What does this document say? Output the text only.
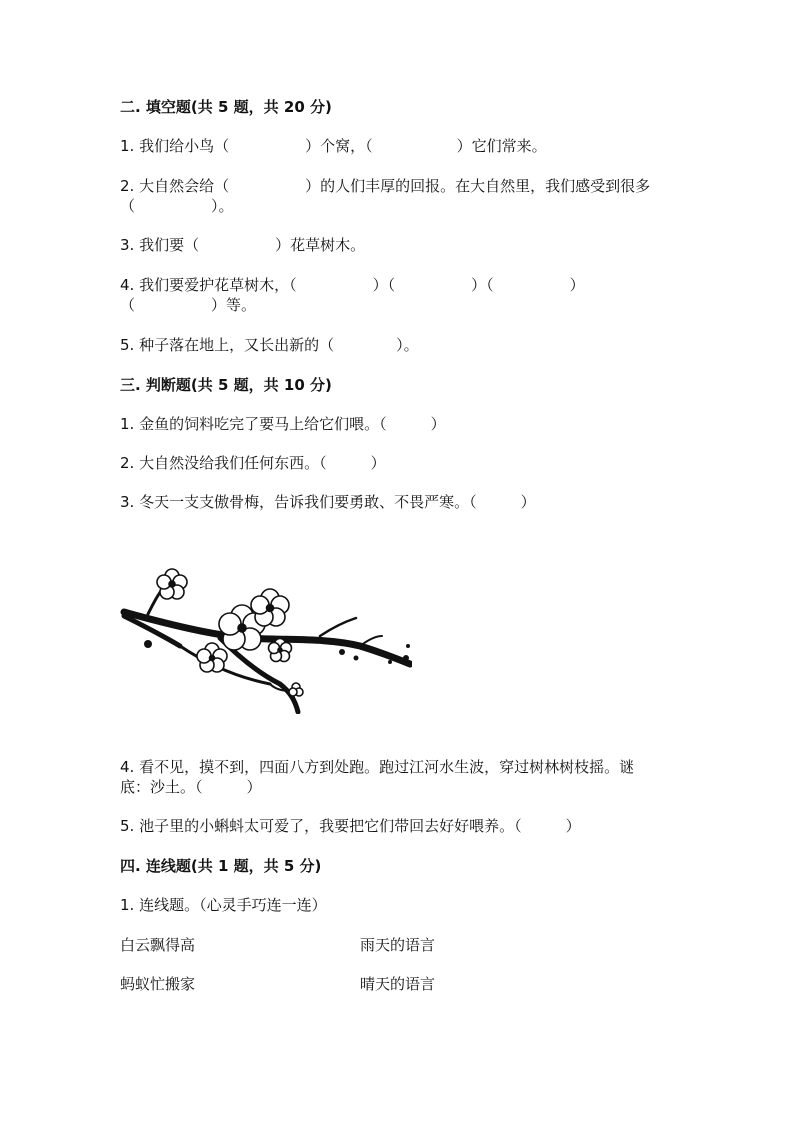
二. 填空题(共 5 题，共 20 分)
1. 我们给小鸟（	）个窝，（	）它们常来。
2. 大自然会给（	）的人们丰厚的回报。在大自然里，我们感受到很多
（	）。
3. 我们要（	）花草树木。
4. 我们要爱护花草树木，（	）（	）（	）
（	）等。
5. 种子落在地上，又长出新的（	）。
三. 判断题(共 5 题，共 10 分)
1. 金鱼的饲料吃完了要马上给它们喂。（	）
2. 大自然没给我们任何东西。（	）
3. 冬天一支支傲骨梅，告诉我们要勇敢、不畏严寒。（	）
4. 看不见，摸不到，四面八方到处跑。跑过江河水生波，穿过树林树枝摇。谜
底：沙土。（	）
5. 池子里的小蝌蚪太可爱了，我要把它们带回去好好喂养。（	）
四. 连线题(共 1 题，共 5 分)
1. 连线题。（心灵手巧连一连）
白云飘得高	雨天的语言
蚂蚁忙搬家	晴天的语言
